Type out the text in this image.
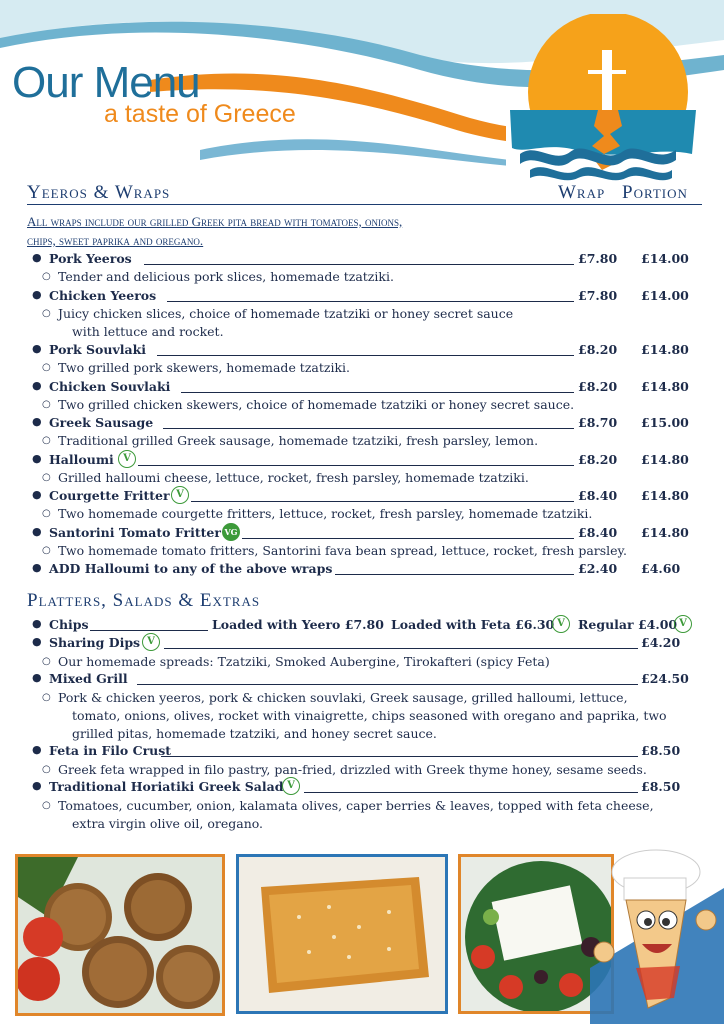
Our Menu
a taste of Greece
Yeeros & Wraps	Wrap Portion
All wraps include our grilled Greek pita bread with tomatoes, onions,
chips, sweet paprika and oregano.
● Pork Yeeros	£7.80 £14.00
○ Tender and delicious pork slices, homemade tzatziki.
● Chicken Yeeros	£7.80 £14.00
○ Juicy chicken slices, choice of homemade tzatziki or honey secret sauce
with lettuce and rocket.
● Pork Souvlaki	£8.20 £14.80
○ Two grilled pork skewers, homemade tzatziki.
● Chicken Souvlaki	£8.20 £14.80
○ Two grilled chicken skewers, choice of homemade tzatziki or honey secret sauce.
● Greek Sausage	£8.70 £15.00
○ Traditional grilled Greek sausage, homemade tzatziki, fresh parsley, lemon.
● Halloumi V	£8.20 £14.80
○ Grilled halloumi cheese, lettuce, rocket, fresh parsley, homemade tzatziki.
● Courgette Fritter V	£8.40 £14.80
○ Two homemade courgette fritters, lettuce, rocket, fresh parsley, homemade tzatziki.
● Santorini Tomato Fritter VG	£8.40 £14.80
○ Two homemade tomato fritters, Santorini fava bean spread, lettuce, rocket, fresh parsley.
● ADD Halloumi to any of the above wraps	£2.40 £4.60
Platters, Salads & Extras
● Chips	Loaded with Yeero £7.80 Loaded with Feta £6.30 V	Regular £4.00 V
● Sharing Dips V	£4.20
○ Our homemade spreads: Tzatziki, Smoked Aubergine, Tirokafteri (spicy Feta)
● Mixed Grill	£24.50
○ Pork & chicken yeeros, pork & chicken souvlaki, Greek sausage, grilled halloumi, lettuce,
tomato, onions, olives, rocket with vinaigrette, chips seasoned with oregano and paprika, two
grilled pitas, homemade tzatziki, and honey secret sauce.
● Feta in Filo Crust	£8.50
○ Greek feta wrapped in filo pastry, pan-fried, drizzled with Greek thyme honey, sesame seeds.
● Traditional Horiatiki Greek Salad V	£8.50
○ Tomatoes, cucumber, onion, kalamata olives, caper berries & leaves, topped with feta cheese,
extra virgin olive oil, oregano.
